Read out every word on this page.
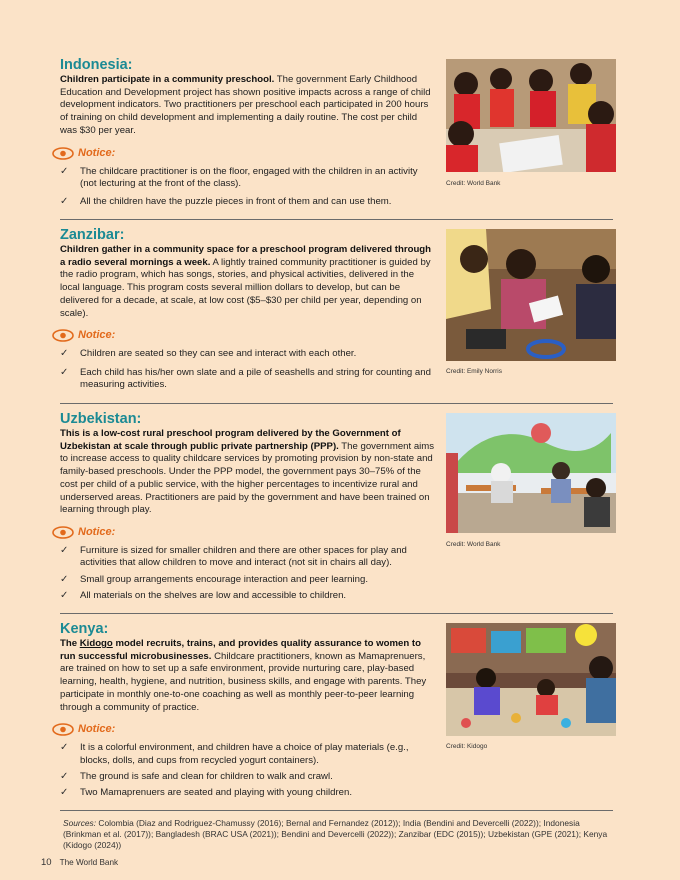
Indonesia:

Children participate in a community preschool. The government Early Childhood Education and Development project has shown positive impacts across a range of child development indicators. Two practitioners per preschool each participated in 200 hours of training on child development and implementing a daily routine. The cost per child was $30 per year.

Notice:
✓ The childcare practitioner is on the floor, engaged with the children in an activity (not lecturing at the front of the class).
✓ All the children have the puzzle pieces in front of them and can use them.
Credit: World Bank
Zanzibar:

Children gather in a community space for a preschool program delivered through a radio several mornings a week. A lightly trained community practitioner is guided by the radio program, which has songs, stories, and physical activities, delivered in the local language. This program costs several million dollars to develop, but can be delivered for a decade, at scale, at low cost ($5–$30 per child per year, depending on scale).

Notice:
✓ Children are seated so they can see and interact with each other.
✓ Each child has his/her own slate and a pile of seashells and string for counting and measuring activities.
Credit: Emily Norris
Uzbekistan:

This is a low-cost rural preschool program delivered by the Government of Uzbekistan at scale through public private partnership (PPP). The government aims to increase access to quality childcare services by promoting provision by non-state and family-based preschools. Under the PPP model, the government pays 30–75% of the cost per child of a public service, with the higher percentages to incentivize rural and underserved areas. Practitioners are paid by the government and have been trained on learning through play.

Notice:
✓ Furniture is sized for smaller children and there are other spaces for play and activities that allow children to move and interact (not sit in chairs all day).
✓ Small group arrangements encourage interaction and peer learning.
✓ All materials on the shelves are low and accessible to children.
Credit: World Bank
Kenya:

The Kidogo model recruits, trains, and provides quality assurance to women to run successful microbusinesses. Childcare practitioners, known as Mamaprenuers, are trained on how to set up a safe environment, provide nurturing care, play-based learning, health, hygiene, and nutrition, business skills, and engage with parents. They participate in monthly one-to-one coaching as well as monthly peer-to-peer learning through a community of practice.

Notice:
✓ It is a colorful environment, and children have a choice of play materials (e.g., blocks, dolls, and cups from recycled yogurt containers).
✓ The ground is safe and clean for children to walk and crawl.
✓ Two Mamaprenuers are seated and playing with young children.
Credit: Kidogo

Sources: Colombia (Diaz and Rodriguez-Chamussy (2016); Bernal and Fernandez (2012)); India (Bendini and Devercelli (2022)); Indonesia (Brinkman et al. (2017)); Bangladesh (BRAC USA (2021)); Bendini and Devercelli (2022)); Zanzibar (EDC (2015)); Uzbekistan (GPE (2021); Kenya (Kidogo (2024))

10 The World Bank
